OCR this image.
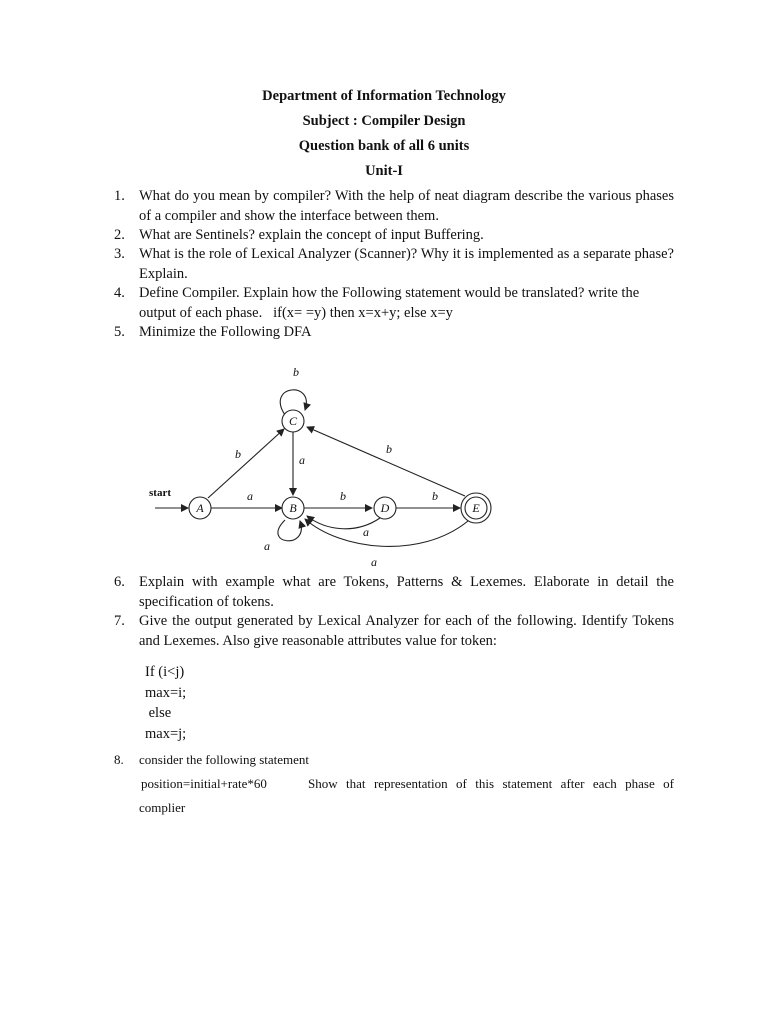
Department of Information Technology
Subject : Compiler Design
Question bank of all 6 units
Unit-I
1. What do you mean by compiler? With the help of neat diagram describe the various phases of a compiler and show the interface between them.
2. What are Sentinels? explain the concept of input Buffering.
3. What is the role of Lexical Analyzer (Scanner)? Why it is implemented as a separate phase? Explain.
4. Define Compiler. Explain how the Following statement would be translated? write the output of each phase.   if(x= =y) then x=x+y; else x=y
5. Minimize the Following DFA
A	B
C
D	E
a
b
b
a
a
b
a
b
a
b
start
6. Explain with example what are Tokens, Patterns & Lexemes. Elaborate in detail the specification of tokens.
7. Give the output generated by Lexical Analyzer for each of the following. Identify Tokens and Lexemes. Also give reasonable attributes value for token:
If (i<j)
max=i;
else
max=j;
8. consider the following statement
position=initial+rate*60	Show that representation of this statement after each phase of
complier
